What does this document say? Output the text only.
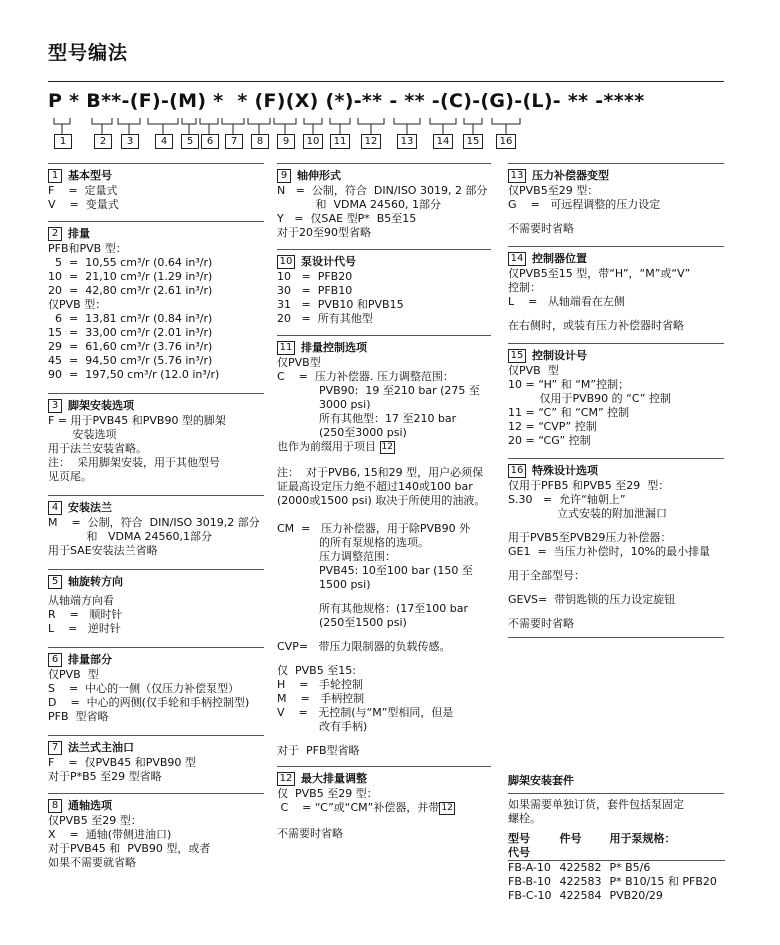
型号编法
P * B**-(F)-(M) *  * (F)(X) (*)-** - ** -(C)-(G)-(L)- ** -****
1	2	3	4	5	6	7	8	9	10	11	12	13	14	15	16
1 基本型号
F    =  定量式
V    =  变量式
2 排量
PFB和PVB 型：
5  =  10,55 cm³/r (0.64 in³/r)
10  =  21,10 cm³/r (1.29 in³/r)
20  =  42,80 cm³/r (2.61 in³/r)
仅PVB 型：
6  =  13,81 cm³/r (0.84 in³/r)
15  =  33,00 cm³/r (2.01 in³/r)
29  =  61,60 cm³/r (3.76 in³/r)
45  =  94,50 cm³/r (5.76 in³/r)
90  =  197,50 cm³/r (12.0 in³/r)
3 脚架安装选项
F = 用于PVB45 和PVB90 型的脚架
安装选项
用于法兰安装省略。
注：  采用脚架安装，用于其他型号
见页尾。
4 安装法兰
M    =  公制，符合  DIN/ISO 3019,2 部分
和   VDMA 24560,1部分
用于SAE安装法兰省略
5 轴旋转方向
从轴端方向看
R    =   顺时针
L    =   逆时针
6 排量部分
仅PVB  型
S    =  中心的一侧（仅压力补偿泵型）
D    =  中心的两侧(仅手轮和手柄控制型)
PFB  型省略
7 法兰式主油口
F    =  仅PVB45 和PVB90 型
对于P*B5 至29 型省略
8 通轴选项
仅PVB5 至29 型：
X    =  通轴(带侧进油口)
对于PVB45 和  PVB90 型，或者
如果不需要就省略
9 轴伸形式
N   =  公制，符合  DIN/ISO 3019, 2 部分
和  VDMA 24560, 1部分
Y   =  仅SAE 型P*  B5至15
对于20至90型省略
10 泵设计代号
10   =  PFB20
30   =  PFB10
31   =  PVB10 和PVB15
20   =  所有其他型
11 排量控制选项
仅PVB型
C    =  压力补偿器. 压力调整范围：
PVB90:  19 至210 bar (275 至
3000 psi)
所有其他型：17 至210 bar
(250至3000 psi)
也作为前缀用于项目 12
注：  对于PVB6, 15和29 型，用户必须保
证最高设定压力绝不超过140或100 bar
(2000或1500 psi) 取决于所使用的油液。
CM  =   压力补偿器，用于除PVB90 外
的所有泵规格的选项。
压力调整范围：
PVB45: 10至100 bar (150 至
1500 psi)
所有其他规格：(17至100 bar
(250至1500 psi)
CVP=   带压力限制器的负载传感。
仅  PVB5 至15:
H    =   手轮控制
M    =   手柄控制
V    =   无控制(与“M”型相同，但是
改有手柄)
对于  PFB型省略
12 最大排量调整
仅  PVB5 至29 型：
C    = “C”或“CM”补偿器，并带 12
不需要时省略
13 压力补偿器变型
仅PVB5至29 型：
G    =   可远程调整的压力设定
不需要时省略
14 控制器位置
仅PVB5至15 型，带“H”，“M”或“V”
控制：
L    =   从轴端看在左侧
在右侧时，或装有压力补偿器时省略
15 控制设计号
仅PVB  型
10 = “H” 和 “M”控制；
仅用于PVB90 的 “C” 控制
11 = “C” 和 “CM” 控制
12 = “CVP” 控制
20 = “CG” 控制
16 特殊设计选项
仅用于PFB5 和PVB5 至29  型：
S.30   =  允许“轴朝上”
立式安装的附加泄漏口
用于PVB5至PVB29压力补偿器：
GE1  =  当压力补偿时，10%的最小排量
用于全部型号：
GEVS=  带钥匙锁的压力设定旋钮
不需要时省略
脚架安装套件
如果需要单独订货，套件包括泵固定
螺栓。
型号	件号	用于泵规格：
代号		

FB-A-10	422582	P* B5/6
FB-B-10	422583	P* B10/15 和 PFB20
FB-C-10	422584	PVB20/29
